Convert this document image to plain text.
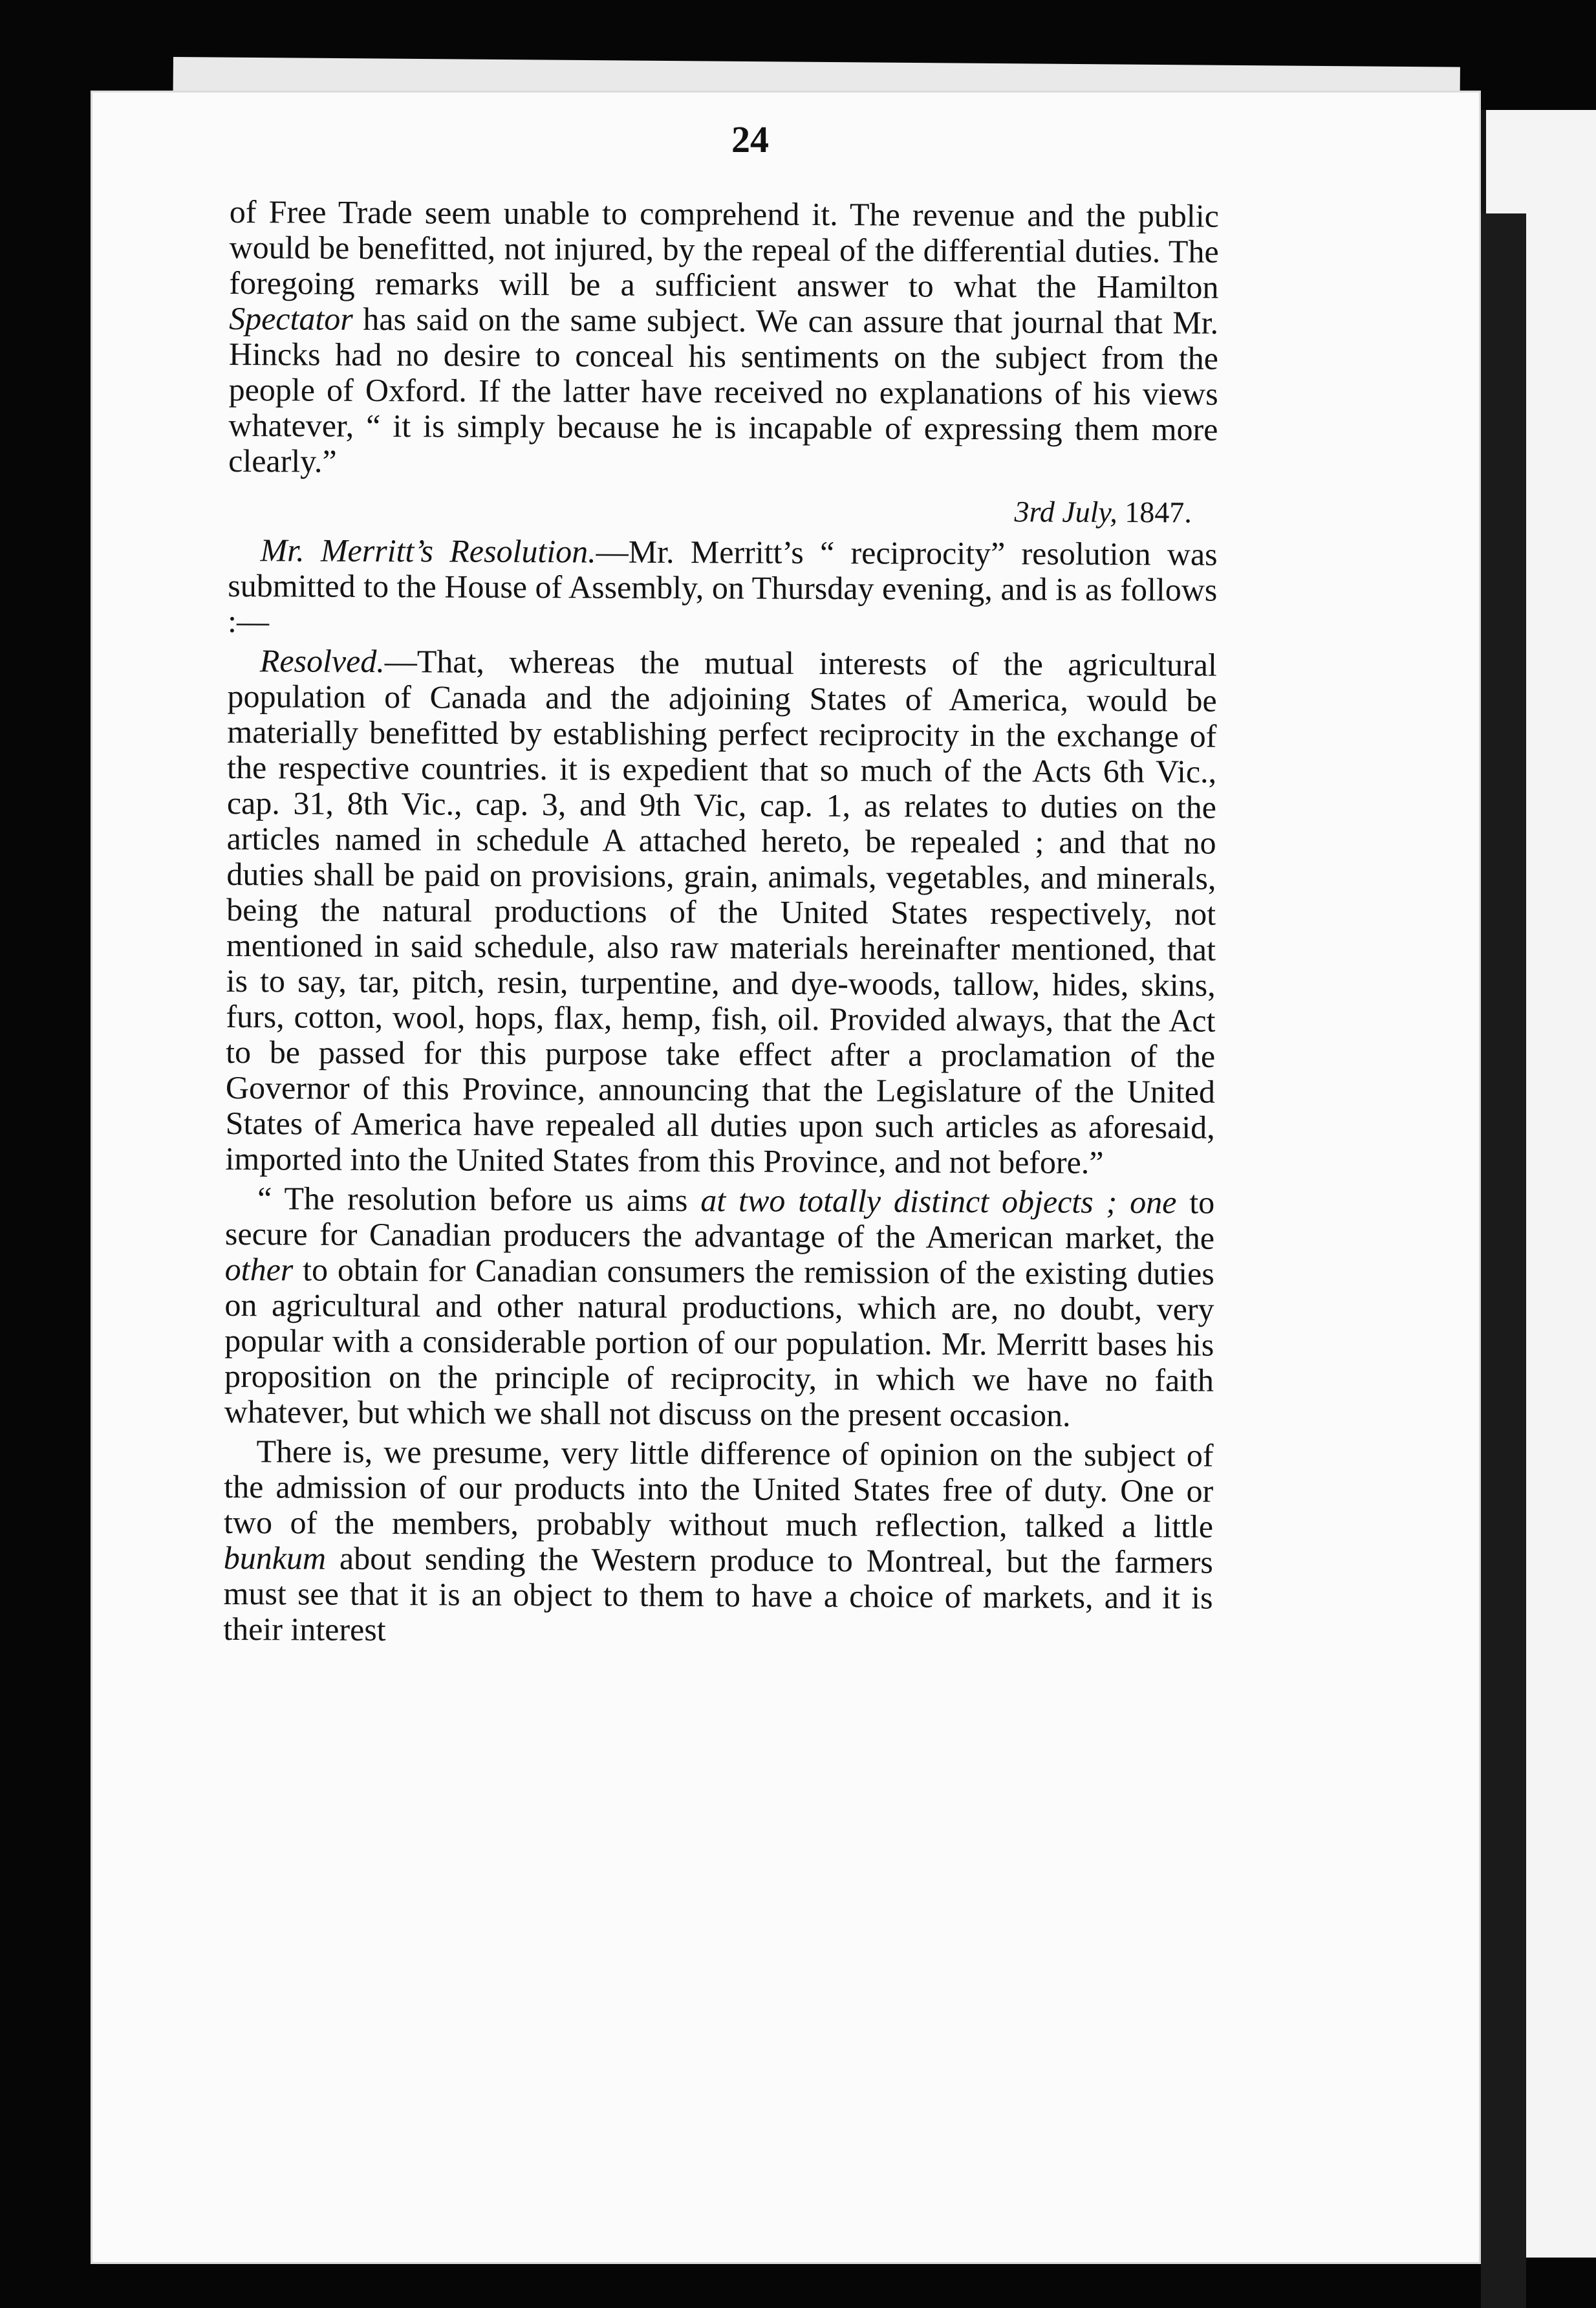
24

of Free Trade seem unable to comprehend it. The revenue and the public would be benefitted, not injured, by the repeal of the differential duties. The foregoing remarks will be a sufficient answer to what the Hamilton Spectator has said on the same subject. We can assure that journal that Mr. Hincks had no desire to conceal his sentiments on the subject from the people of Oxford. If the latter have received no explanations of his views whatever, “ it is simply because he is incapable of expressing them more clearly.”

3rd July, 1847.

Mr. Merritt’s Resolution.—Mr. Merritt’s “ reciprocity” resolution was submitted to the House of Assembly, on Thursday evening, and is as follows :—

Resolved.—That, whereas the mutual interests of the agricultural population of Canada and the adjoining States of America, would be materially benefitted by establishing perfect reciprocity in the exchange of the respective countries. it is expedient that so much of the Acts 6th Vic., cap. 31, 8th Vic., cap. 3, and 9th Vic, cap. 1, as relates to duties on the articles named in schedule A attached hereto, be repealed ; and that no duties shall be paid on provisions, grain, animals, vegetables, and minerals, being the natural productions of the United States respectively, not mentioned in said schedule, also raw materials hereinafter mentioned, that is to say, tar, pitch, resin, turpentine, and dye-woods, tallow, hides, skins, furs, cotton, wool, hops, flax, hemp, fish, oil. Provided always, that the Act to be passed for this purpose take effect after a proclamation of the Governor of this Province, announcing that the Legislature of the United States of America have repealed all duties upon such articles as aforesaid, imported into the United States from this Province, and not before.”

“ The resolution before us aims at two totally distinct objects ; one to secure for Canadian producers the advantage of the American market, the other to obtain for Canadian consumers the remission of the existing duties on agricultural and other natural productions, which are, no doubt, very popular with a considerable portion of our population. Mr. Merritt bases his proposition on the principle of reciprocity, in which we have no faith whatever, but which we shall not discuss on the present occasion.

There is, we presume, very little difference of opinion on the subject of the admission of our products into the United States free of duty. One or two of the members, probably without much reflection, talked a little bunkum about sending the Western produce to Montreal, but the farmers must see that it is an object to them to have a choice of markets, and it is their interest
